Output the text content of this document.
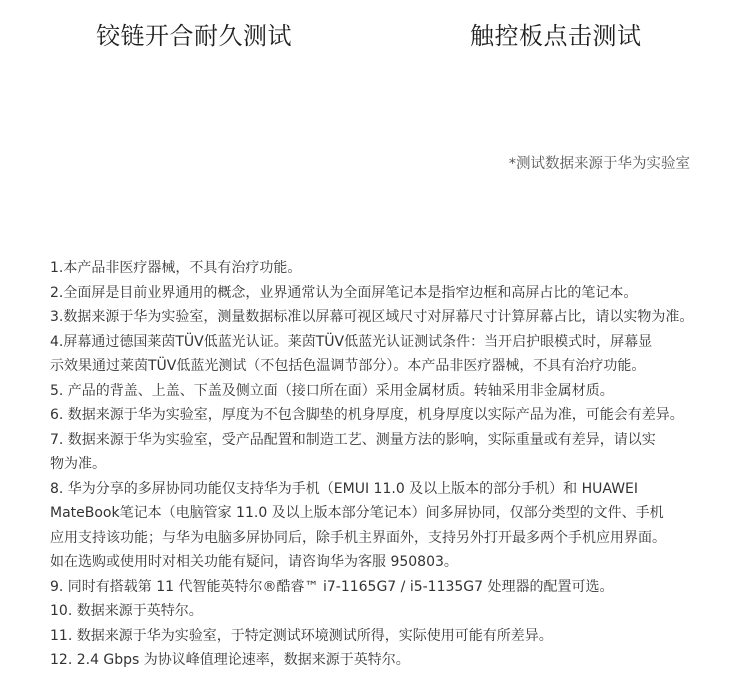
铰链开合耐久测试	触控板点击测试
*测试数据来源于华为实验室
1.本产品非医疗器械，不具有治疗功能。
2.全面屏是目前业界通用的概念，业界通常认为全面屏笔记本是指窄边框和高屏占比的笔记本。
3.数据来源于华为实验室，测量数据标准以屏幕可视区域尺寸对屏幕尺寸计算屏幕占比，请以实物为准。
4.屏幕通过德国莱茵TÜV低蓝光认证。莱茵TÜV低蓝光认证测试条件：当开启护眼模式时，屏幕显
示效果通过莱茵TÜV低蓝光测试（不包括色温调节部分）。本产品非医疗器械，不具有治疗功能。
5. 产品的背盖、上盖、下盖及侧立面（接口所在面）采用金属材质。转轴采用非金属材质。
6. 数据来源于华为实验室，厚度为不包含脚垫的机身厚度，机身厚度以实际产品为准，可能会有差异。
7. 数据来源于华为实验室，受产品配置和制造工艺、测量方法的影响，实际重量或有差异，请以实
物为准。
8. 华为分享的多屏协同功能仅支持华为手机（EMUI 11.0 及以上版本的部分手机）和 HUAWEI
MateBook笔记本（电脑管家 11.0 及以上版本部分笔记本）间多屏协同，仅部分类型的文件、手机
应用支持该功能；与华为电脑多屏协同后，除手机主界面外，支持另外打开最多两个手机应用界面。
如在选购或使用时对相关功能有疑问，请咨询华为客服 950803。
9. 同时有搭载第 11 代智能英特尔®酷睿™ i7-1165G7 / i5-1135G7 处理器的配置可选。
10. 数据来源于英特尔。
11. 数据来源于华为实验室，于特定测试环境测试所得，实际使用可能有所差异。
12. 2.4 Gbps 为协议峰值理论速率，数据来源于英特尔。
